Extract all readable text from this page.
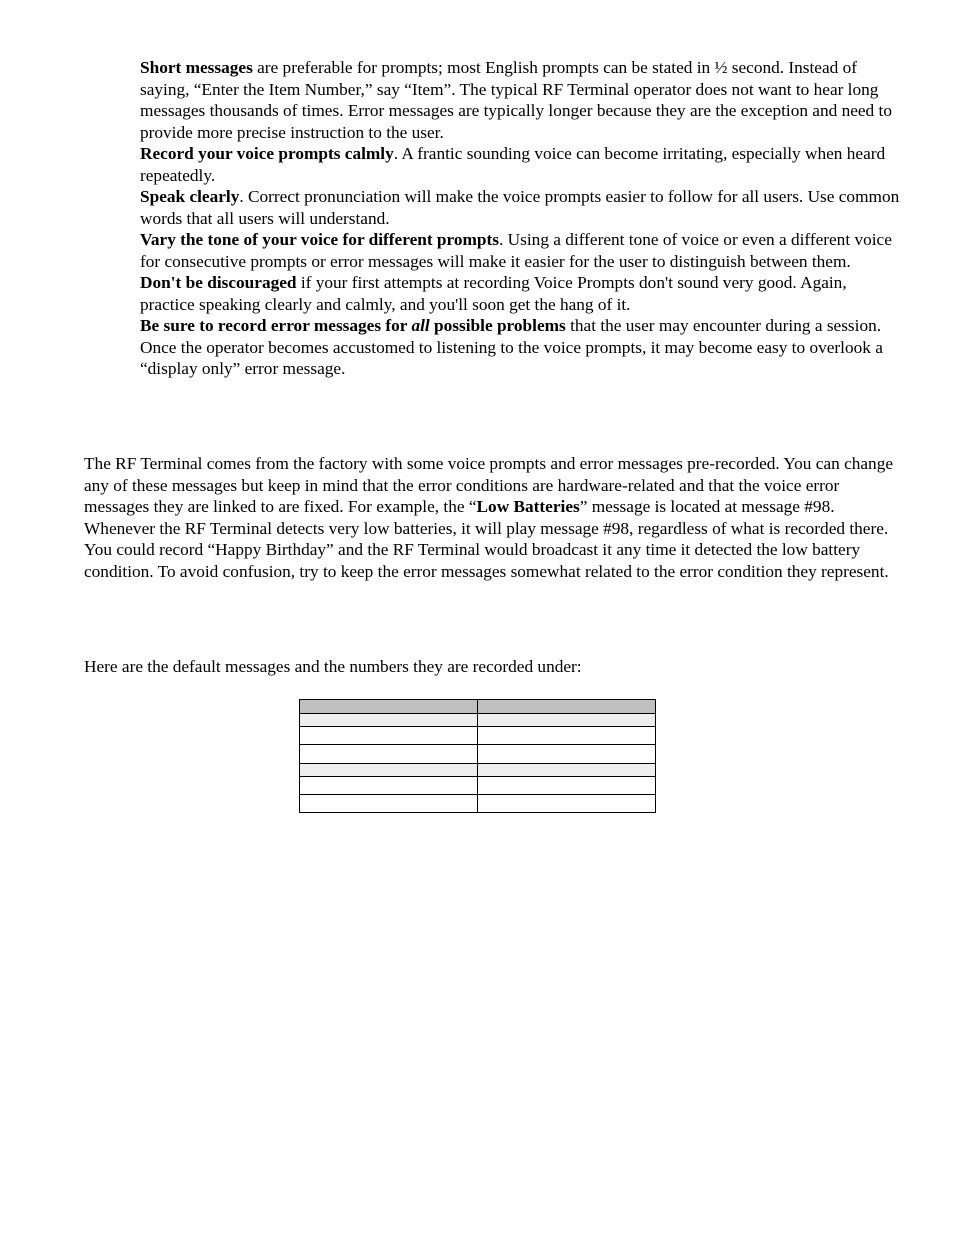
Short messages are preferable for prompts; most English prompts can be stated in ½ second. Instead of saying, “Enter the Item Number,” say “Item”. The typical RF Terminal operator does not want to hear long messages thousands of times. Error messages are typically longer because they are the exception and need to provide more precise instruction to the user.

Record your voice prompts calmly. A frantic sounding voice can become irritating, especially when heard repeatedly.

Speak clearly. Correct pronunciation will make the voice prompts easier to follow for all users. Use common words that all users will understand.

Vary the tone of your voice for different prompts. Using a different tone of voice or even a different voice for consecutive prompts or error messages will make it easier for the user to distinguish between them.

Don't be discouraged if your first attempts at recording Voice Prompts don't sound very good. Again, practice speaking clearly and calmly, and you'll soon get the hang of it.

Be sure to record error messages for all possible problems that the user may encounter during a session. Once the operator becomes accustomed to listening to the voice prompts, it may become easy to overlook a “display only” error message.

The RF Terminal comes from the factory with some voice prompts and error messages pre-recorded. You can change any of these messages but keep in mind that the error conditions are hardware-related and that the voice error messages they are linked to are fixed. For example, the “Low Batteries” message is located at message #98. Whenever the RF Terminal detects very low batteries, it will play message #98, regardless of what is recorded there. You could record “Happy Birthday” and the RF Terminal would broadcast it any time it detected the low battery condition. To avoid confusion, try to keep the error messages somewhat related to the error condition they represent.

Here are the default messages and the numbers they are recorded under:
